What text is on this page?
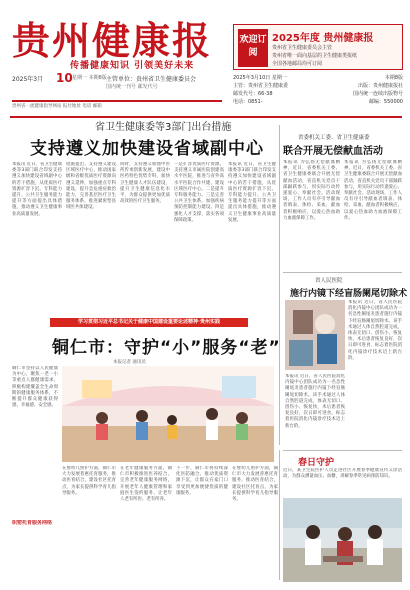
贵州健康报
传播健康知识 引领美好未来
2025年3月 10 星期一 本期8版 主管单位：贵州省卫生健康委员会
国内统一刊号 邮发代号
贵州省一流健康指导网站 报社地址 电话 邮箱
欢迎订阅
2025年度 贵州健康报
贵州省卫生健康委员会主管
贵州省唯一面向基层的卫生健康类报纸
全国各地邮局均可订阅
2025年3月10日 星期一	本期8版
主管：贵州省卫生健康委	出版：贵州健康报社
邮发代号：66-38	国内统一连续出版物号
电话：0851-	邮编：550000
省卫生健康委等3部门出台措施
支持遵义加快建设省域副中心
本报讯 近日，省卫生健康委等3部门联合印发支持遵义加快建设省域副中心的若干措施，从优质医疗资源扩容下沉、专科能力提升、公共卫生服务能力提升等方面提出具体措施，推动遵义卫生健康事业高质量发展。
措施提出，支持遵义建设区域医疗中心，推动国家级和省级优质医疗资源向遵义延伸，加强重点专科建设，提升急危重症救治能力，完善基层医疗卫生服务体系，推进紧密型县域医共体建设。
同时，支持遵义加强中医药传承创新发展，建设中医药特色优势专科，加快卫生健康人才队伍建设，提升卫生健康信息化水平，为群众提供更加优质高效的医疗卫生服务。
一是扩容优质医疗资源。支持遵义市属医院创建高水平医院，推进与省外高水平医院合作共建，建设区域医疗中心。二是提升专科服务能力。三是完善公共卫生体系，加强疾病预防控制能力建设。四是强化人才支撑，落实各项保障政策。
本报讯 近日，省卫生健康委等3部门联合印发支持遵义加快建设省域副中心的若干措施，从优质医疗资源扩容下沉、专科能力提升、公共卫生服务能力提升等方面提出具体措施，推动遵义卫生健康事业高质量发展。
省委机关工委、省卫生健康委
联合开展无偿献血活动
本报讯 为弘扬无偿献血精神，近日，省委机关工委、省卫生健康委联合开展无偿献血活动，省直机关党员干部踊跃参与，用实际行动传递爱心、奉献社会。活动现场，工作人员有序引导献血者填表、体检、采血，献血者积极响应，以爱心热血助力血液保障工作。
本报讯 为弘扬无偿献血精神，近日，省委机关工委、省卫生健康委联合开展无偿献血活动，省直机关党员干部踊跃参与，用实际行动传递爱心、奉献社会。活动现场，工作人员有序引导献血者填表、体检、采血，献血者积极响应，以爱心热血助力血液保障工作。
省人民医院
施行内镜下经盲肠阑尾切除术
本报讯 近日，省人民医院消化内镜中心团队成功为一名急性阑尾炎患者施行内镜下经盲肠阑尾切除术。该手术通过人体自然腔道完成，体表无切口、创伤小、恢复快，术后患者恢复良好，次日即可进食，标志着医院消化内镜诊疗技术迈上新台阶。
本报讯 近日，省人民医院消化内镜中心团队成功为一名急性阑尾炎患者施行内镜下经盲肠阑尾切除术。该手术通过人体自然腔道完成，体表无切口、创伤小、恢复快，术后患者恢复良好，次日即可进食，标志着医院消化内镜诊疗技术迈上新台阶。
学习贯彻习近平总书记关于健康中国建设重要论述精神·贵州实践
铜仁市：守护“小”服务“老”
本报记者 通讯员
铜仁市坚持以人民健康为中心，聚焦一老一小等重点人群健康需求，积极构建覆盖全生命周期的健康服务体系，不断提升群众健康获得感、幸福感、安全感。
在婴幼儿照护方面，铜仁市大力发展普惠托育服务，推动医育结合，建设社区托育点，为家长提供科学育儿指导服务。
在老年健康服务方面，铜仁市积极推进医养结合，完善老年健康服务网络，开展老年人健康管理和家庭医生签约服务，让老年人老有所医、老有所养。
下一步，铜仁市将持续深化医防融合，推动优质资源下沉，让群众在家门口享受到更加便捷优质的健康服务。
在婴幼儿照护方面，铜仁市大力发展普惠托育服务，推动医育结合，建设社区托育点，为家长提供科学育儿指导服务。
织密托育服务网络
春日守护
近日，某卫生院医护人员走进社区开展春季健康宣传义诊活动，为群众测量血压、血糖，讲解春季常见病预防知识。
